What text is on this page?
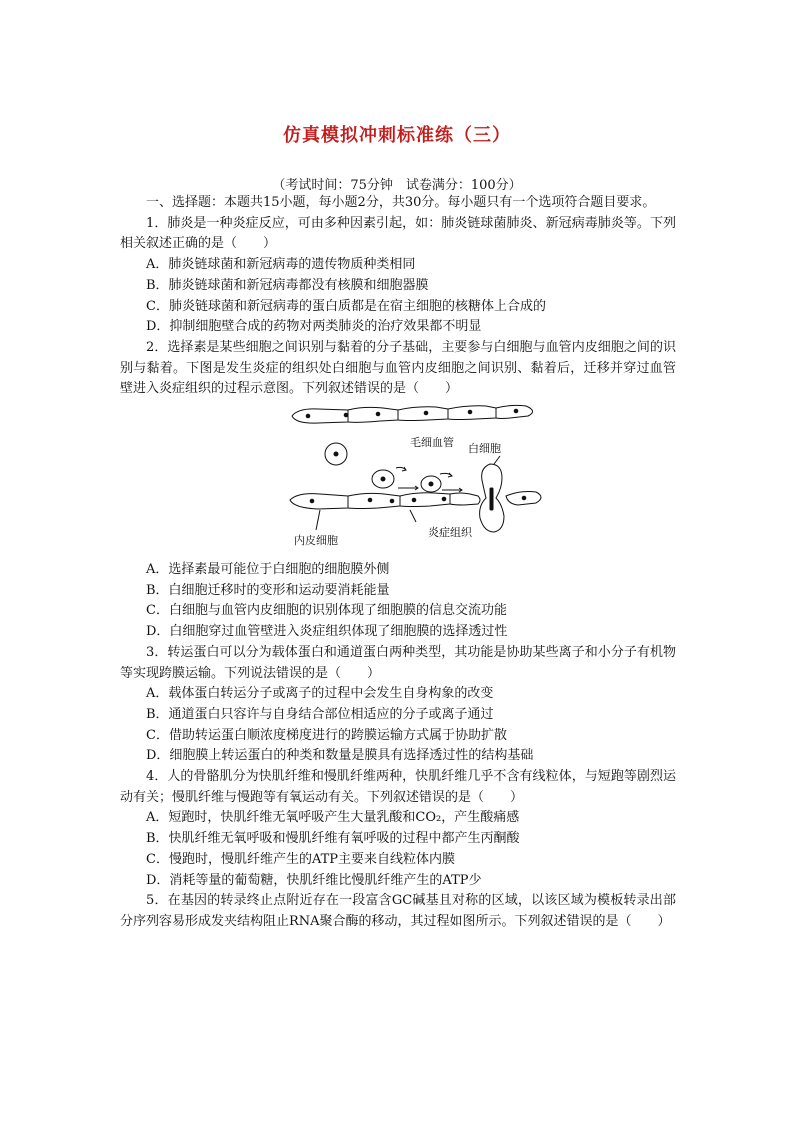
仿真模拟冲刺标准练（三）
（考试时间：75分钟　试卷满分：100分）

一、选择题：本题共15小题，每小题2分，共30分。每小题只有一个选项符合题目要求。

1．肺炎是一种炎症反应，可由多种因素引起，如：肺炎链球菌肺炎、新冠病毒肺炎等。下列相关叙述正确的是（　　）

A．肺炎链球菌和新冠病毒的遗传物质种类相同

B．肺炎链球菌和新冠病毒都没有核膜和细胞器膜

C．肺炎链球菌和新冠病毒的蛋白质都是在宿主细胞的核糖体上合成的

D．抑制细胞壁合成的药物对两类肺炎的治疗效果都不明显

2．选择素是某些细胞之间识别与黏着的分子基础，主要参与白细胞与血管内皮细胞之间的识别与黏着。下图是发生炎症的组织处白细胞与血管内皮细胞之间识别、黏着后，迁移并穿过血管壁进入炎症组织的过程示意图。下列叙述错误的是（　　）

毛细血管 白细胞
内皮细胞
炎症组织

A．选择素最可能位于白细胞的细胞膜外侧

B．白细胞迁移时的变形和运动要消耗能量

C．白细胞与血管内皮细胞的识别体现了细胞膜的信息交流功能

D．白细胞穿过血管壁进入炎症组织体现了细胞膜的选择透过性

3．转运蛋白可以分为载体蛋白和通道蛋白两种类型，其功能是协助某些离子和小分子有机物等实现跨膜运输。下列说法错误的是（　　）

A．载体蛋白转运分子或离子的过程中会发生自身构象的改变

B．通道蛋白只容许与自身结合部位相适应的分子或离子通过

C．借助转运蛋白顺浓度梯度进行的跨膜运输方式属于协助扩散

D．细胞膜上转运蛋白的种类和数量是膜具有选择透过性的结构基础

4．人的骨骼肌分为快肌纤维和慢肌纤维两种，快肌纤维几乎不含有线粒体，与短跑等剧烈运动有关；慢肌纤维与慢跑等有氧运动有关。下列叙述错误的是（　　）

A．短跑时，快肌纤维无氧呼吸产生大量乳酸和CO₂，产生酸痛感

B．快肌纤维无氧呼吸和慢肌纤维有氧呼吸的过程中都产生丙酮酸

C．慢跑时，慢肌纤维产生的ATP主要来自线粒体内膜

D．消耗等量的葡萄糖，快肌纤维比慢肌纤维产生的ATP少

5．在基因的转录终止点附近存在一段富含GC碱基且对称的区域，以该区域为模板转录出部分序列容易形成发夹结构阻止RNA聚合酶的移动，其过程如图所示。下列叙述错误的是（　　）
